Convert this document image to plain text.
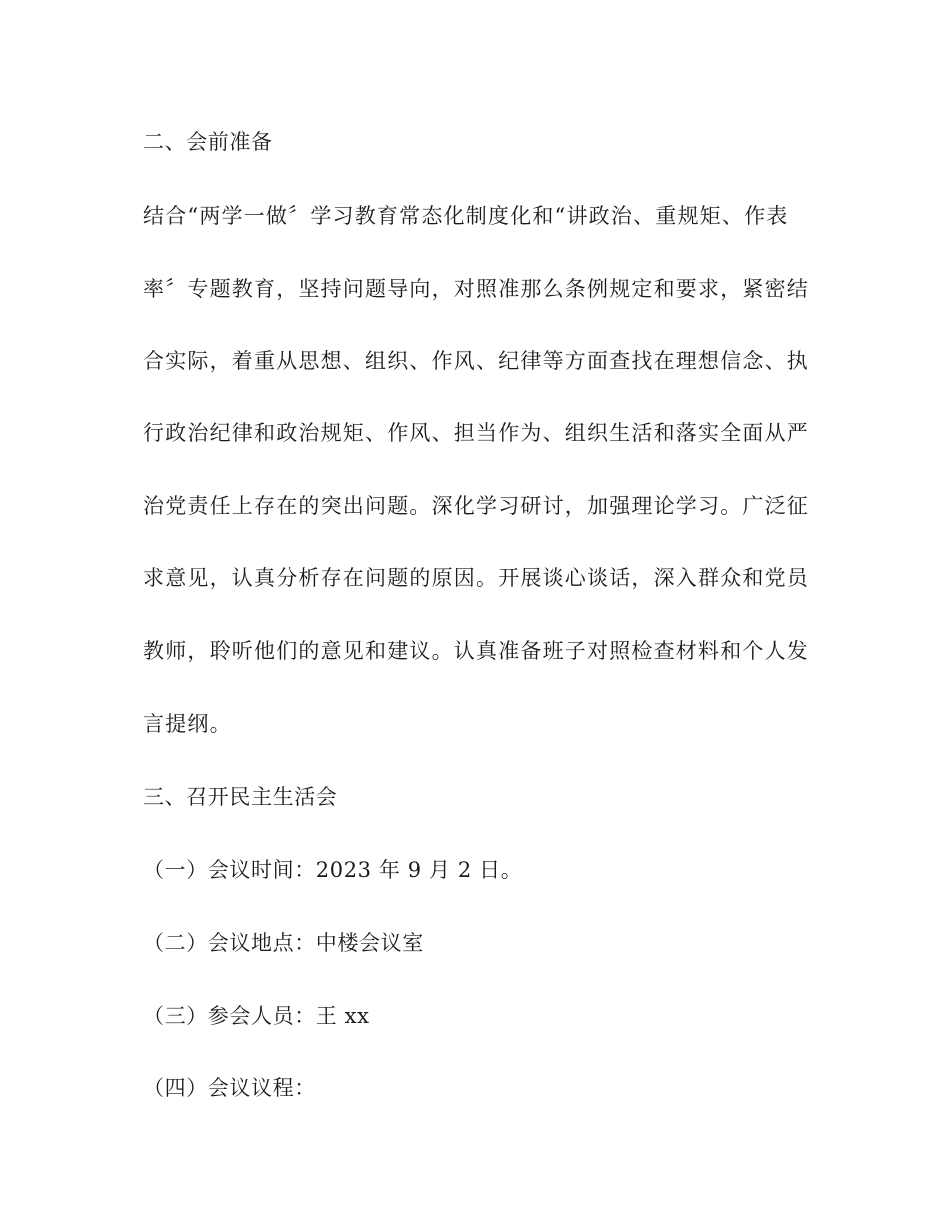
二、会前准备

结合“两学一做〞学习教育常态化制度化和“讲政治、重规矩、作表

率〞专题教育，坚持问题导向，对照准那么条例规定和要求，紧密结

合实际，着重从思想、组织、作风、纪律等方面查找在理想信念、执

行政治纪律和政治规矩、作风、担当作为、组织生活和落实全面从严

治党责任上存在的突出问题。深化学习研讨，加强理论学习。广泛征

求意见，认真分析存在问题的原因。开展谈心谈话，深入群众和党员

教师，聆听他们的意见和建议。认真准备班子对照检查材料和个人发

言提纲。

三、召开民主生活会

（一）会议时间：2023 年 9 月 2 日。

（二）会议地点：中楼会议室

（三）参会人员：王 xx

（四）会议议程：
